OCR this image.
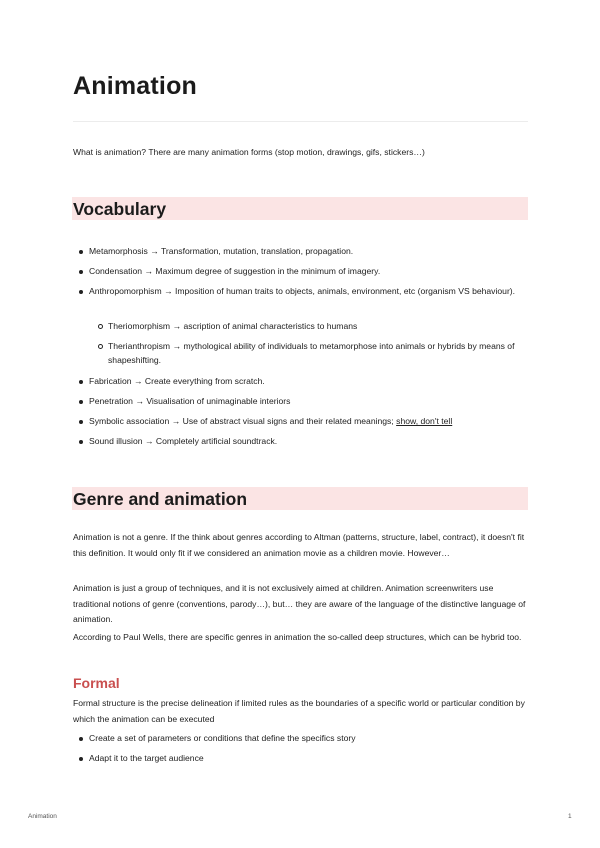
Animation
What is animation? There are many animation forms (stop motion, drawings, gifs, stickers…)
Vocabulary
Metamorphosis → Transformation, mutation, translation, propagation.
Condensation → Maximum degree of suggestion in the minimum of imagery.
Anthropomorphism → Imposition of human traits to objects, animals, environment, etc (organism VS behaviour).
Theriomorphism → ascription of animal characteristics to humans
Therianthropism → mythological ability of individuals to metamorphose into animals or hybrids by means of shapeshifting.
Fabrication → Create everything from scratch.
Penetration → Visualisation of unimaginable interiors
Symbolic association → Use of abstract visual signs and their related meanings; show, don't tell
Sound illusion → Completely artificial soundtrack.
Genre and animation
Animation is not a genre. If the think about genres according to Altman (patterns, structure, label, contract), it doesn't fit this definition. It would only fit if we considered an animation movie as a children movie. However…
Animation is just a group of techniques, and it is not exclusively aimed at children. Animation screenwriters use traditional notions of genre (conventions, parody…), but… they are aware of the language of the distinctive language of animation.
According to Paul Wells, there are specific genres in animation the so-called deep structures, which can be hybrid too.
Formal
Formal structure is the precise delineation if limited rules as the boundaries of a specific world or particular condition by which the animation can be executed
Create a set of parameters or conditions that define the specifics story
Adapt it to the target audience
Animation	1
